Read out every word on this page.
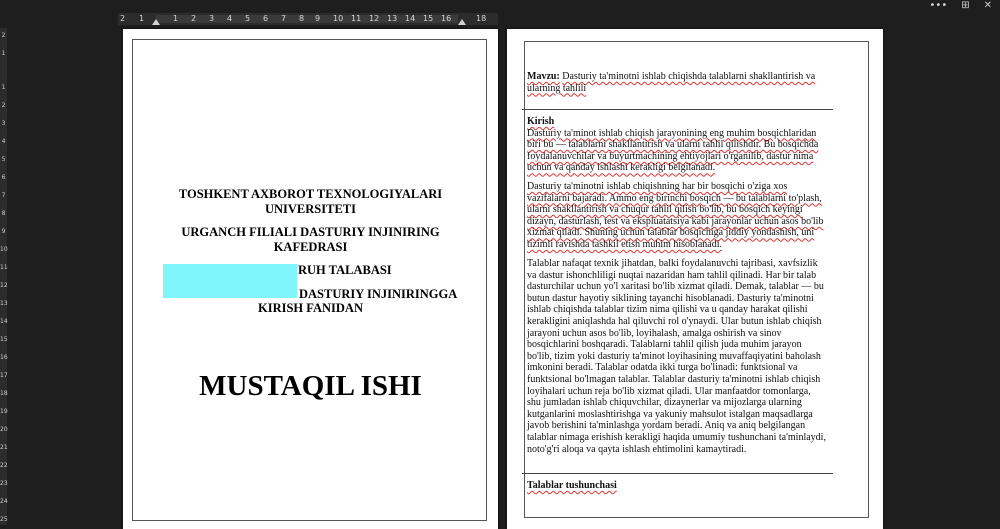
••• ⊞ ✕
2 1	1 2 3 4 5 6 7 8 9 10 11 12 13 14 15 16	18
2
1
1
2
3
4
5
6
7
8
9
10
11
12
13
14
15
16
17
18
19
20
21
22
23
24
25
TOSHKENT AXBOROT TEXNOLOGIYALARI
UNIVERSITETI
URGANCH FILIALI DASTURIY INJINIRING
KAFEDRASI
RUH TALABASI
DASTURIY INJINIRINGGA
KIRISH FANIDAN
MUSTAQIL ISHI
Mavzu: Dasturiy ta'minotni ishlab chiqishda talablarni shakllantirish va ularning tahlili
Kirish
Dasturiy ta'minot ishlab chiqish jarayonining eng muhim bosqichlaridan biri bu — talablarni shakllantirish va ularni tahlil qilishdir. Bu bosqichda foydalanuvchilar va buyurtmachining ehtiyojlari o'rganilib, dastur nima uchun va qanday ishlashi kerakligi belgilanadi.
Dasturiy ta'minotni ishlab chiqishning har bir bosqichi o'ziga xos vazifalarni bajaradi. Ammo eng birinchi bosqich — bu talablarni to'plash, ularni shakllantirish va chuqur tahlil qilish bo'lib, bu bosqich keyingi dizayn, dasturlash, test va ekspluatatsiya kabi jarayonlar uchun asos bo'lib xizmat qiladi. Shuning uchun talablar bosqichiga jiddiy yondashish, uni tizimli ravishda tashkil etish muhim hisoblanadi.
Talablar nafaqat texnik jihatdan, balki foydalanuvchi tajribasi, xavfsizlik va dastur ishonchliligi nuqtai nazaridan ham tahlil qilinadi. Har bir talab dasturchilar uchun yo'l xaritasi bo'lib xizmat qiladi. Demak, talablar — bu butun dastur hayotiy siklining tayanchi hisoblanadi. Dasturiy ta'minotni ishlab chiqishda talablar tizim nima qilishi va u qanday harakat qilishi kerakligini aniqlashda hal qiluvchi rol o'ynaydi. Ular butun ishlab chiqish jarayoni uchun asos bo'lib, loyihalash, amalga oshirish va sinov bosqichlarini boshqaradi. Talablarni tahlil qilish juda muhim jarayon bo'lib, tizim yoki dasturiy ta'minot loyihasining muvaffaqiyatini baholash imkonini beradi. Talablar odatda ikki turga bo'linadi: funktsional va funktsional bo'lmagan talablar. Talablar dasturiy ta'minotni ishlab chiqish loyihalari uchun reja bo'lib xizmat qiladi. Ular manfaatdor tomonlarga, shu jumladan ishlab chiquvchilar, dizaynerlar va mijozlarga ularning kutganlarini moslashtirishga va yakuniy mahsulot istalgan maqsadlarga javob berishini ta'minlashga yordam beradi. Aniq va aniq belgilangan talablar nimaga erishish kerakligi haqida umumiy tushunchani ta'minlaydi, noto'g'ri aloqa va qayta ishlash ehtimolini kamaytiradi.
Talablar tushunchasi
